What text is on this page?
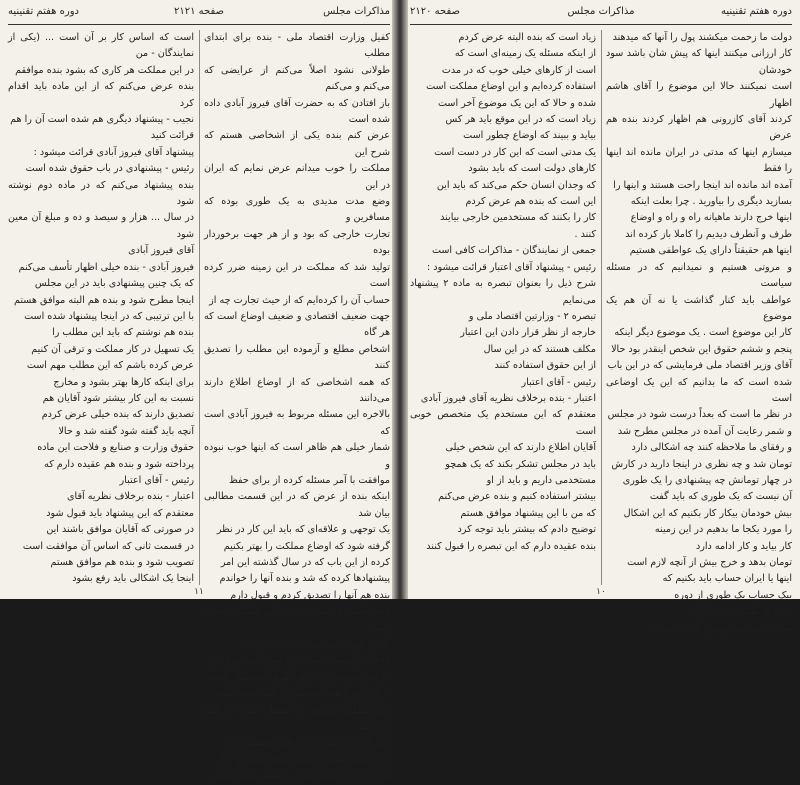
مذاکرات مجلس
صفحه ۲۱۲۱
دوره هفتم تقنینیه

کفیل وزارت اقتصاد ملی - بنده برای ابتدای مطلب

طولانی نشود اصلاً می‌کنم از عرایضی که می‌کنم و می‌کنم

باز افتادن که به حضرت آقای فیروز آبادی داده شده است

عرض کنم بنده یکی از اشخاصی هستم که شرح این

مملکت را خوب میدانم عرض نمایم که ایران در این

وضع مدت مدیدی به یک طوری بوده که مسافرین و

تجارت خارجی که بود و از هر جهت برخوردار بوده

تولید شد که مملکت در این زمینه ضرر کرده است

حساب آن را کرده‌ایم که از حیث تجارت چه از

جهت ضعیف اقتصادی و ضعیف اوضاع است که هر گاه

اشخاص مطلع و آزموده این مطلب را تصدیق کنند

که همه اشخاصی که از اوضاع اطلاع دارند می‌دانند

بالاخره این مسئله مربوط به فیروز آبادی است که

شمار خیلی هم ظاهر است که اینها خوب نبوده و

موافقت با آمر مسئله کرده از برای حفظ

اینکه بنده از عرض که در این قسمت مطالبی بیان شد

یک توجهی و علاقه‌ای که باید این کار در نظر

گرفته شود که اوضاع مملکت را بهتر بکنیم

کرده از این باب که در سال گذشته این امر

پیشنهادها کرده که شد و بنده آنها را خواندم

بنده هم آنها را تصدیق کردم و قبول دارم

وقت است و صنایع ما در این مملکت چطور است

آقایان خوب می‌دانند که ما باید از کجا

فلاحت و صنعت مملکت را تقویت نماییم و این

کارهای خودمان را از هر طرف که ممکن است

در این دوره مطالب بسیاری گفته شده است

امر مملکت مربوط به اقتصاد است که همه می‌دانند

این کار باید بشود و بنده هم موافقت دارم

دوره شده است که همه موافق بودند و حالا

هم باید کاری بکنیم که این مطلب اصلاح شود

است که اساس کار بر آن است ... (یکی از نمایندگان - من

در این مملکت هر کاری که بشود بنده موافقم

بنده عرض می‌کنم که از این ماده باید اقدام کرد

نجیب - پیشنهاد دیگری هم شده است آن را هم

قرائت کنید

پیشنهاد آقای فیروز آبادی قرائت میشود :

رئیس - پیشنهادی در باب حقوق شده است

بنده پیشنهاد می‌کنم که در ماده دوم نوشته شود

در سال ... هزار و سیصد و ده و مبلغ آن معین شود

آقای فیروز آبادی

فیروز آبادی - بنده خیلی اظهار تأسف می‌کنم

که یک چنین پیشنهادی باید در این مجلس

اینجا مطرح شود و بنده هم البته موافق هستم

با این ترتیبی که در اینجا پیشنهاد شده است

بنده هم نوشتم که باید این مطلب را

یک تسهیل در کار مملکت و ترقی آن کنیم

عرض کرده باشم که این مطلب مهم است

برای اینکه کارها بهتر بشود و مخارج

نسبت به این کار بیشتر شود آقایان هم

تصدیق دارند که بنده خیلی عرض کردم

آنچه باید گفته شود گفته شد و حالا

حقوق وزارت و صنایع و فلاحت این ماده

پرداخته شود و بنده هم عقیده دارم که

رئیس - آقای اعتبار

اعتبار - بنده برخلاف نظریه آقای

معتقدم که این پیشنهاد باید قبول شود

در صورتی که آقایان موافق باشند این

در قسمت ثانی که اساس آن موافقت است

تصویب شود و بنده هم موافق هستم

اینجا یک اشکالی باید رفع بشود

۱۱
دوره هفتم تقنینیه
مذاکرات مجلس
صفحه ۲۱۲۰

دولت ما زحمت میکشند پول را آنها که میدهند

کار ارزانی میکنند اینها که پیش شان باشد سود خودشان

است نمیکنند حالا این موضوع را آقای هاشم اظهار

کردند آقای کازرونی هم اظهار کردند بنده هم عرض

میسازم اینها که مدتی در ایران مانده اند اینها را فقط

آمده اند مانده اند اینجا راحت هستند و اینها را

بسازید دیگری را بیاورید . چرا بعلت اینکه

اینها خرج دارند ماهیانه راه و راه و اوضاع

طرف و آنطرف دیدیم را کاملا باز کرده اند

اینها هم حقیقتاً دارای یک عواطفی هستیم

و مروتی هستیم و نمیدانیم که در مسئله سیاست

عواطف باید کنار گذاشت یا نه آن هم یک موضوع

کار این موضوع است . یک موضوع دیگر اینکه

پنجم و ششم حقوق این شخص اینقدر بود حالا

آقای وزیر اقتصاد ملی فرمایشی که در این باب

شده است که ما بدانیم که این یک اوضاعی است

در نظر ما است که بعداً درست شود در مجلس

و شمر رعایت آن آمده در مجلس مطرح شد

و رفقای ما ملاحظه کنند چه اشکالی دارد

تومان شد و چه نظری در اینجا دارید در کارش

در چهار تومانش چه پیشنهادی را یک طوری

آن نیست که یک طوری که باید گفت

بیش خودمان بیکار کار بکنیم که این اشکال

را مورد یکجا ما بدهیم در این زمینه

کار بیاید و کار ادامه دارد

تومان بدهد و خرج بیش از آنچه لازم است

اینها یا ایران حساب باید بکنیم که

بیک حساب یک طوری از دوره

دوره ها ملت وزارت ایران

سافان حساب خودش نگاه داشته اند

زیاد است که بنده البته عرض کردم

از اینکه مسئله یک زمینه‌ای است که

است از کارهای خیلی خوب که در مدت

استفاده کرده‌ایم و این اوضاع مملکت است

شده و حالا که این یک موضوع آخر است

زیاد است که در این موقع باید هر کس

بیاید و ببیند که اوضاع چطور است

یک مدتی است که این کار در دست است

کارهای دولت است که باید بشود

که وجدان انسان حکم می‌کند که باید این

این است که بنده هم عرض کردم

کار را بکنند که مستخدمین خارجی بیایند

کنند .

جمعی از نمایندگان - مذاکرات کافی است

رئیس - پیشنهاد آقای اعتبار قرائت میشود :

شرح ذیل را بعنوان تبصره به ماده ۲ پیشنهاد می‌نمایم

تبصره ۲ - وزارتین اقتصاد ملی و

خارجه از نظر قرار دادن این اعتبار

مکلف هستند که در این سال

از این حقوق استفاده کنند

رئیس - آقای اعتبار

اعتبار - بنده برخلاف نظریه آقای فیروز آبادی

معتقدم که این مستخدم یک متخصص خوبی است

آقایان اطلاع دارند که این شخص خیلی

باید در مجلس تشکر بکند که یک همچو

مستخدمی داریم و باید از او

بیشتر استفاده کنیم و بنده عرض می‌کنم

که من با این پیشنهاد موافق هستم

توضیح دادم که بیشتر باید توجه کرد

بنده عقیده دارم که این تبصره را قبول کنند

۱۰
